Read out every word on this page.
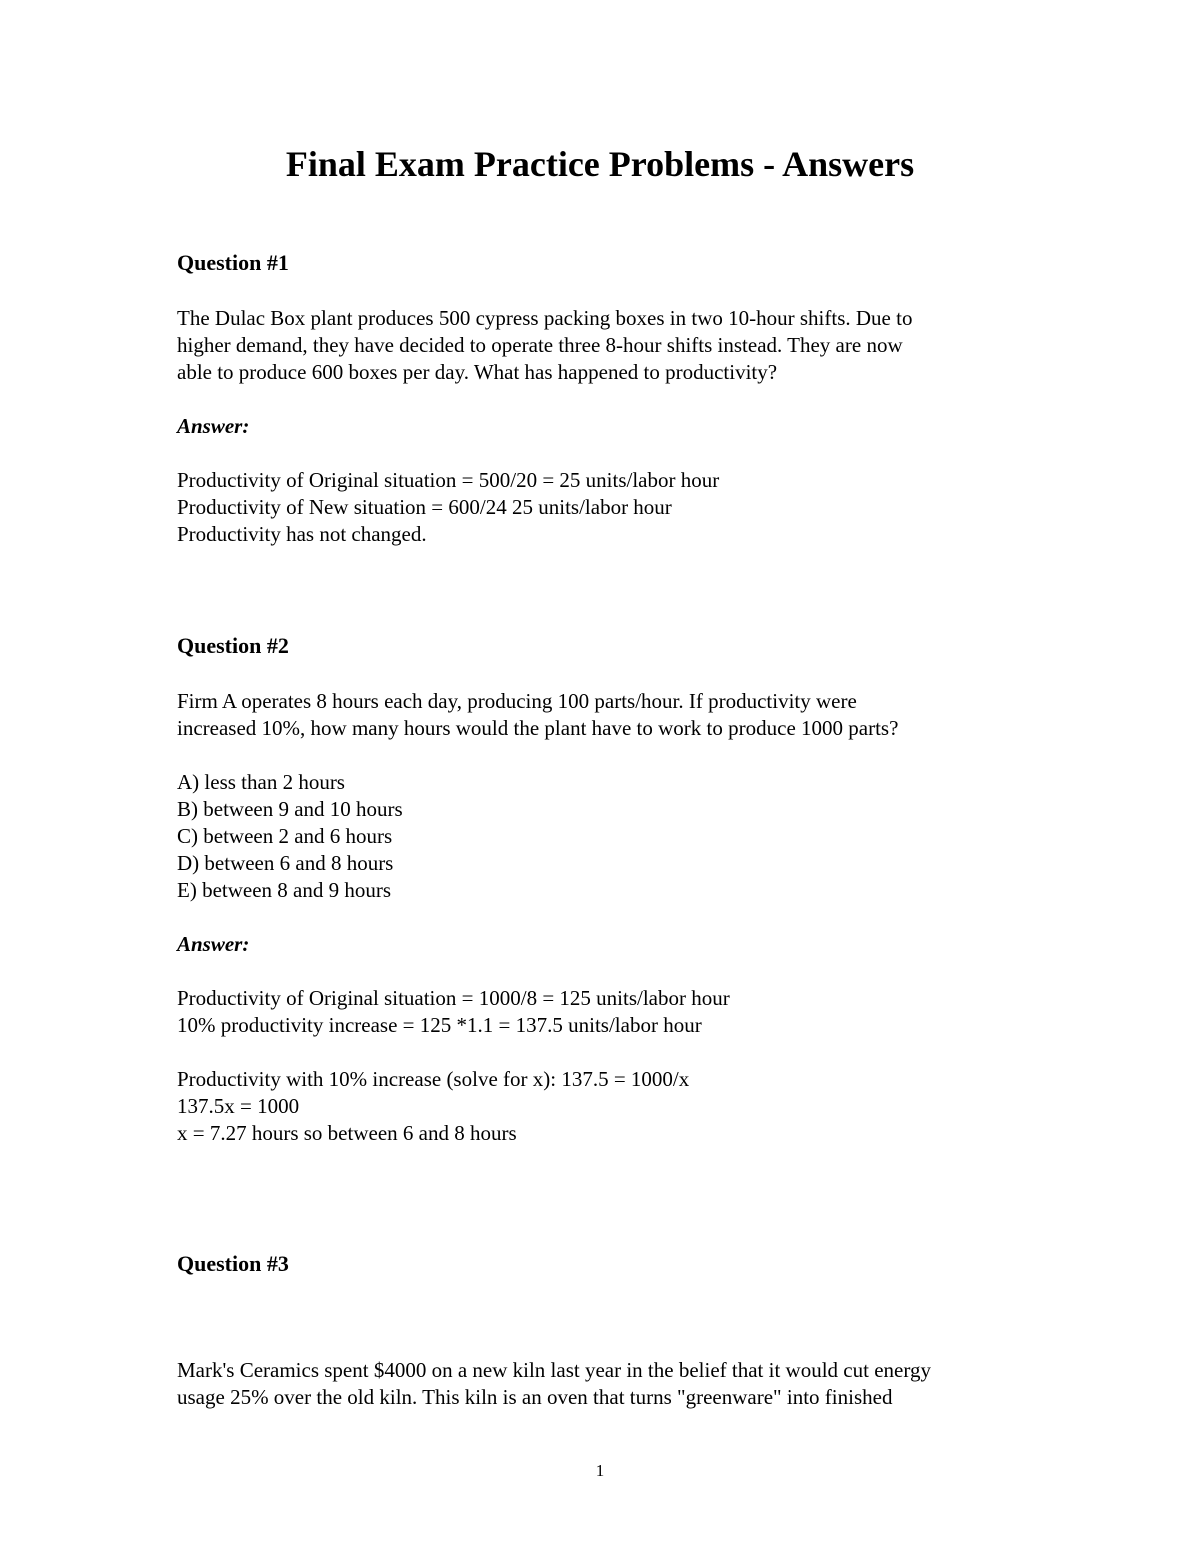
Final Exam Practice Problems - Answers
Question #1
The Dulac Box plant produces 500 cypress packing boxes in two 10-hour shifts. Due to
higher demand, they have decided to operate three 8-hour shifts instead. They are now
able to produce 600 boxes per day. What has happened to productivity?
Answer:
Productivity of Original situation = 500/20 = 25 units/labor hour
Productivity of New situation = 600/24 25 units/labor hour
Productivity has not changed.
Question #2
Firm A operates 8 hours each day, producing 100 parts/hour. If productivity were
increased 10%, how many hours would the plant have to work to produce 1000 parts?
A) less than 2 hours
B) between 9 and 10 hours
C) between 2 and 6 hours
D) between 6 and 8 hours
E) between 8 and 9 hours
Answer:
Productivity of Original situation = 1000/8 = 125 units/labor hour
10% productivity increase = 125 *1.1 = 137.5 units/labor hour
Productivity with 10% increase (solve for x): 137.5 = 1000/x
137.5x = 1000
x = 7.27 hours so between 6 and 8 hours
Question #3
Mark's Ceramics spent $4000 on a new kiln last year in the belief that it would cut energy
usage 25% over the old kiln. This kiln is an oven that turns "greenware" into finished
1
